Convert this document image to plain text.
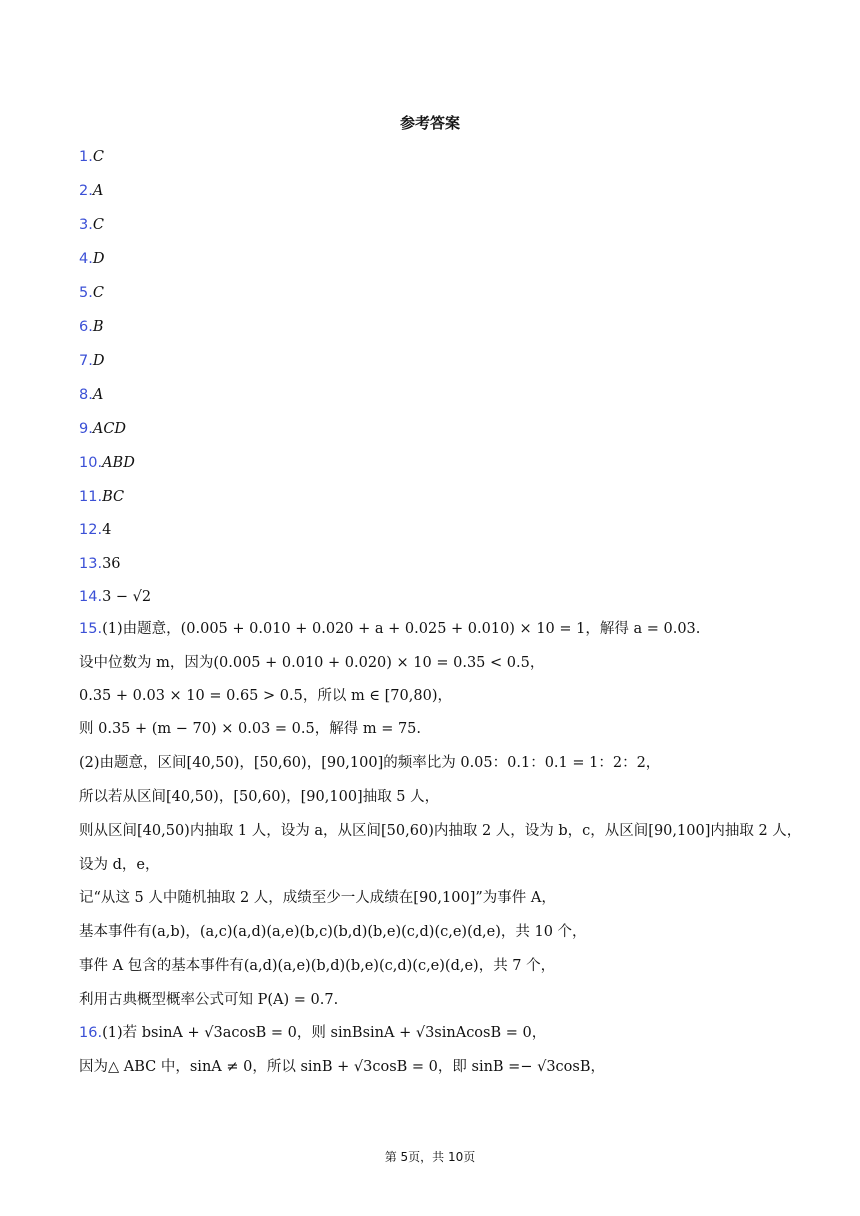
参考答案
1.C
2.A
3.C
4.D
5.C
6.B
7.D
8.A
9.ACD
10.ABD
11.BC
12.4
13.36
14.3 − √2
15.(1)由题意，(0.005 + 0.010 + 0.020 + a + 0.025 + 0.010) × 10 = 1，解得 a = 0.03.
设中位数为 m，因为(0.005 + 0.010 + 0.020) × 10 = 0.35 < 0.5，
0.35 + 0.03 × 10 = 0.65 > 0.5，所以 m ∈ [70,80)，
则 0.35 + (m − 70) × 0.03 = 0.5，解得 m = 75.
(2)由题意，区间[40,50)，[50,60)，[90,100]的频率比为 0.05：0.1：0.1 = 1：2：2，
所以若从区间[40,50)，[50,60)，[90,100]抽取 5 人，
则从区间[40,50)内抽取 1 人，设为 a，从区间[50,60)内抽取 2 人，设为 b，c，从区间[90,100]内抽取 2 人，
设为 d，e，
记“从这 5 人中随机抽取 2 人，成绩至少一人成绩在[90,100]”为事件 A，
基本事件有(a,b)，(a,c)(a,d)(a,e)(b,c)(b,d)(b,e)(c,d)(c,e)(d,e)，共 10 个，
事件 A 包含的基本事件有(a,d)(a,e)(b,d)(b,e)(c,d)(c,e)(d,e)，共 7 个，
利用古典概型概率公式可知 P(A) = 0.7.
16.(1)若 bsinA + √3acosB = 0，则 sinBsinA + √3sinAcosB = 0，
因为△ ABC 中，sinA ≠ 0，所以 sinB + √3cosB = 0，即 sinB =− √3cosB，
第 5页，共 10页
